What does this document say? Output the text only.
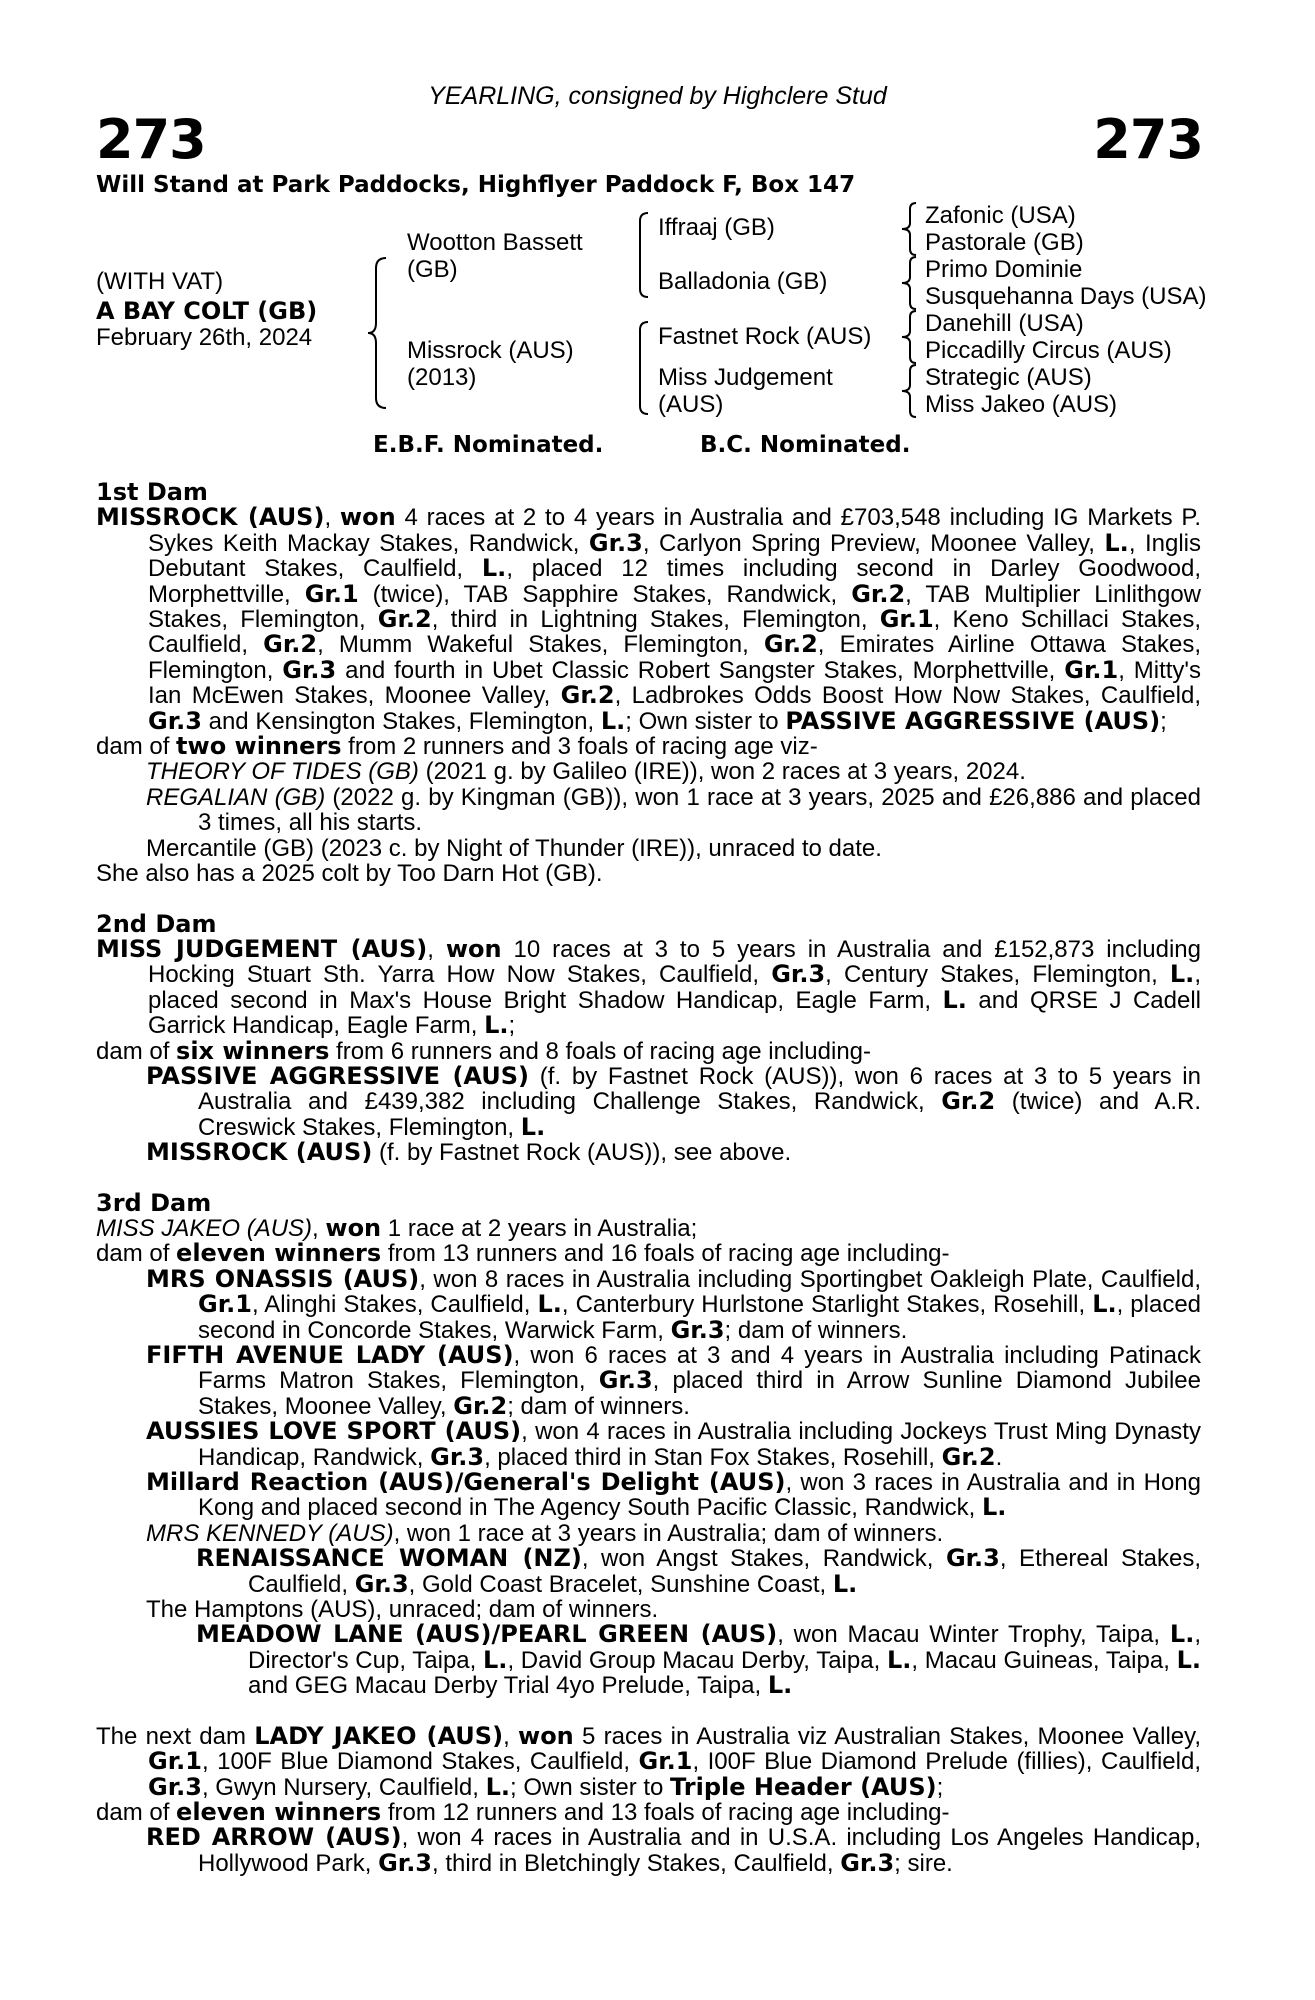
YEARLING, consigned by Highclere Stud
273	273
Will Stand at Park Paddocks, Highflyer Paddock F, Box 147
(WITH VAT)
A BAY COLT (GB)
February 26th, 2024
Wootton Bassett
(GB)
Missrock (AUS)
(2013)
Iffraaj (GB)
Balladonia (GB)
Fastnet Rock (AUS)
Miss Judgement
(AUS)
Zafonic (USA)
Pastorale (GB)
Primo Dominie
Susquehanna Days (USA)
Danehill (USA)
Piccadilly Circus (AUS)
Strategic (AUS)
Miss Jakeo (AUS)
E.B.F. Nominated.	B.C. Nominated.

1st Dam

MISSROCK (AUS), won 4 races at 2 to 4 years in Australia and £703,548 including IG Markets P. Sykes Keith Mackay Stakes, Randwick, Gr.3, Carlyon Spring Preview, Moonee Valley, L., Inglis Debutant Stakes, Caulfield, L., placed 12 times including second in Darley Goodwood, Morphettville, Gr.1 (twice), TAB Sapphire Stakes, Randwick, Gr.2, TAB Multiplier Linlithgow Stakes, Flemington, Gr.2, third in Lightning Stakes, Flemington, Gr.1, Keno Schillaci Stakes, Caulfield, Gr.2, Mumm Wakeful Stakes, Flemington, Gr.2, Emirates Airline Ottawa Stakes, Flemington, Gr.3 and fourth in Ubet Classic Robert Sangster Stakes, Morphettville, Gr.1, Mitty's Ian McEwen Stakes, Moonee Valley, Gr.2, Ladbrokes Odds Boost How Now Stakes, Caulfield, Gr.3 and Kensington Stakes, Flemington, L.; Own sister to PASSIVE AGGRESSIVE (AUS);

dam of two winners from 2 runners and 3 foals of racing age viz-

THEORY OF TIDES (GB) (2021 g. by Galileo (IRE)), won 2 races at 3 years, 2024.

REGALIAN (GB) (2022 g. by Kingman (GB)), won 1 race at 3 years, 2025 and £26,886 and placed 3 times, all his starts.

Mercantile (GB) (2023 c. by Night of Thunder (IRE)), unraced to date.

She also has a 2025 colt by Too Darn Hot (GB).

2nd Dam

MISS JUDGEMENT (AUS), won 10 races at 3 to 5 years in Australia and £152,873 including Hocking Stuart Sth. Yarra How Now Stakes, Caulfield, Gr.3, Century Stakes, Flemington, L., placed second in Max's House Bright Shadow Handicap, Eagle Farm, L. and QRSE J Cadell Garrick Handicap, Eagle Farm, L.;

dam of six winners from 6 runners and 8 foals of racing age including-

PASSIVE AGGRESSIVE (AUS) (f. by Fastnet Rock (AUS)), won 6 races at 3 to 5 years in Australia and £439,382 including Challenge Stakes, Randwick, Gr.2 (twice) and A.R. Creswick Stakes, Flemington, L.

MISSROCK (AUS) (f. by Fastnet Rock (AUS)), see above.

3rd Dam

MISS JAKEO (AUS), won 1 race at 2 years in Australia;

dam of eleven winners from 13 runners and 16 foals of racing age including-

MRS ONASSIS (AUS), won 8 races in Australia including Sportingbet Oakleigh Plate, Caulfield, Gr.1, Alinghi Stakes, Caulfield, L., Canterbury Hurlstone Starlight Stakes, Rosehill, L., placed second in Concorde Stakes, Warwick Farm, Gr.3; dam of winners.

FIFTH AVENUE LADY (AUS), won 6 races at 3 and 4 years in Australia including Patinack Farms Matron Stakes, Flemington, Gr.3, placed third in Arrow Sunline Diamond Jubilee Stakes, Moonee Valley, Gr.2; dam of winners.

AUSSIES LOVE SPORT (AUS), won 4 races in Australia including Jockeys Trust Ming Dynasty Handicap, Randwick, Gr.3, placed third in Stan Fox Stakes, Rosehill, Gr.2.

Millard Reaction (AUS)/General's Delight (AUS), won 3 races in Australia and in Hong Kong and placed second in The Agency South Pacific Classic, Randwick, L.

MRS KENNEDY (AUS), won 1 race at 3 years in Australia; dam of winners.

RENAISSANCE WOMAN (NZ), won Angst Stakes, Randwick, Gr.3, Ethereal Stakes, Caulfield, Gr.3, Gold Coast Bracelet, Sunshine Coast, L.

The Hamptons (AUS), unraced; dam of winners.

MEADOW LANE (AUS)/PEARL GREEN (AUS), won Macau Winter Trophy, Taipa, L., Director's Cup, Taipa, L., David Group Macau Derby, Taipa, L., Macau Guineas, Taipa, L. and GEG Macau Derby Trial 4yo Prelude, Taipa, L.

The next dam LADY JAKEO (AUS), won 5 races in Australia viz Australian Stakes, Moonee Valley, Gr.1, 100F Blue Diamond Stakes, Caulfield, Gr.1, I00F Blue Diamond Prelude (fillies), Caulfield, Gr.3, Gwyn Nursery, Caulfield, L.; Own sister to Triple Header (AUS);

dam of eleven winners from 12 runners and 13 foals of racing age including-

RED ARROW (AUS), won 4 races in Australia and in U.S.A. including Los Angeles Handicap, Hollywood Park, Gr.3, third in Bletchingly Stakes, Caulfield, Gr.3; sire.
